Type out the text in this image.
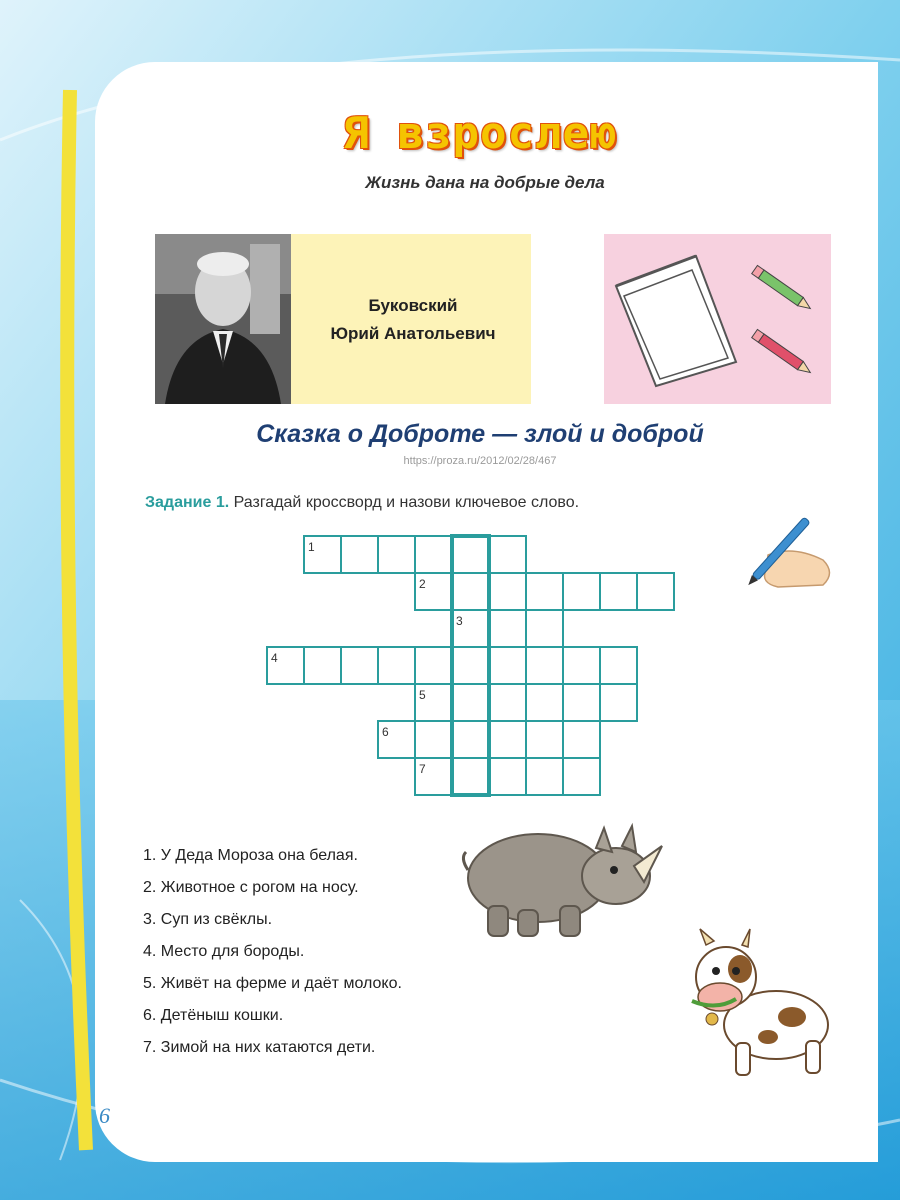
Я взрослею
Жизнь дана на добрые дела
Буковский
Юрий Анатольевич
Сказка о Доброте — злой и доброй
https://proza.ru/2012/02/28/467
Задание 1. Разгадай кроссворд и назови ключевое слово.
1
2
3
4
5
6
7
1. У Деда Мороза она белая.
2. Животное с рогом на носу.
3. Суп из свёклы.
4. Место для бороды.
5. Живёт на ферме и даёт молоко.
6. Детёныш кошки.
7. Зимой на них катаются дети.
6
